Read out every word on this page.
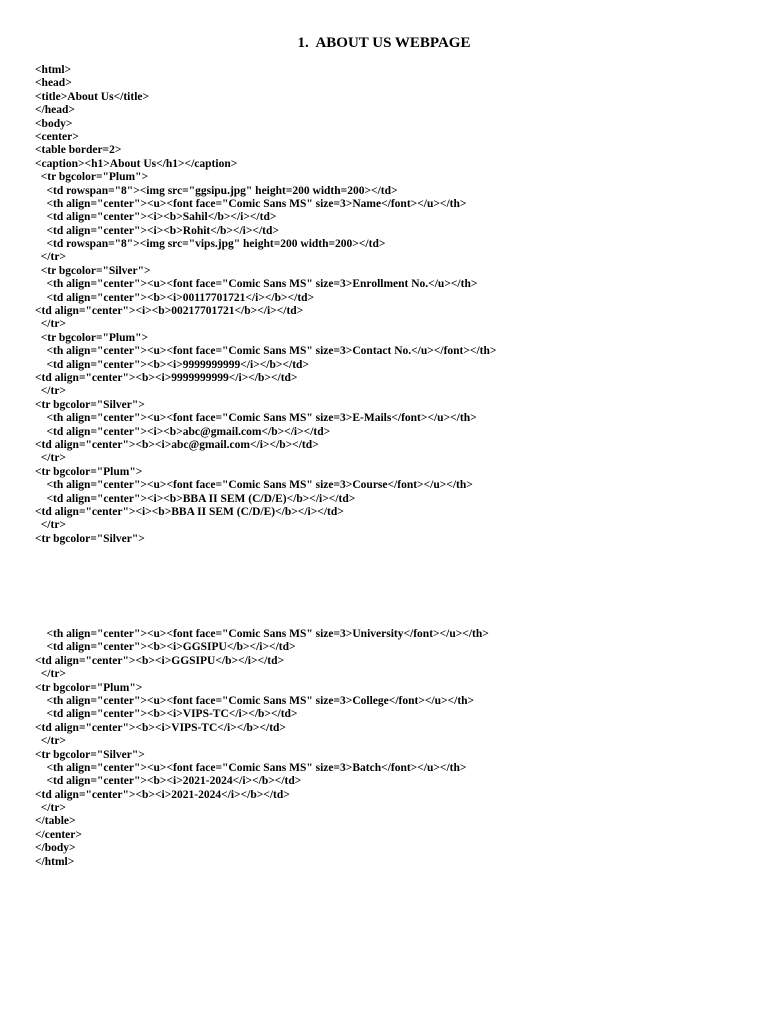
1.  ABOUT US WEBPAGE
<html>
<head>
<title>About Us</title>
</head>
<body>
<center>
<table border=2>
<caption><h1>About Us</h1></caption>
<tr bgcolor="Plum">
<td rowspan="8"><img src="ggsipu.jpg" height=200 width=200></td>
<th align="center"><u><font face="Comic Sans MS" size=3>Name</font></u></th>
<td align="center"><i><b>Sahil</b></i></td>
<td align="center"><i><b>Rohit</b></i></td>
<td rowspan="8"><img src="vips.jpg" height=200 width=200></td>
</tr>
<tr bgcolor="Silver">
<th align="center"><u><font face="Comic Sans MS" size=3>Enrollment No.</u></th>
<td align="center"><b><i>00117701721</i></b></td>
<td align="center"><i><b>00217701721</b></i></td>
</tr>
<tr bgcolor="Plum">
<th align="center"><u><font face="Comic Sans MS" size=3>Contact No.</u></font></th>
<td align="center"><b><i>9999999999</i></b></td>
<td align="center"><b><i>9999999999</i></b></td>
</tr>
<tr bgcolor="Silver">
<th align="center"><u><font face="Comic Sans MS" size=3>E-Mails</font></u></th>
<td align="center"><i><b>abc@gmail.com</b></i></td>
<td align="center"><b><i>abc@gmail.com</i></b></td>
</tr>
<tr bgcolor="Plum">
<th align="center"><u><font face="Comic Sans MS" size=3>Course</font></u></th>
<td align="center"><i><b>BBA II SEM (C/D/E)</b></i></td>
<td align="center"><i><b>BBA II SEM (C/D/E)</b></i></td>
</tr>
<tr bgcolor="Silver">
<th align="center"><u><font face="Comic Sans MS" size=3>University</font></u></th>
<td align="center"><b><i>GGSIPU</b></i></td>
<td align="center"><b><i>GGSIPU</b></i></td>
</tr>
<tr bgcolor="Plum">
<th align="center"><u><font face="Comic Sans MS" size=3>College</font></u></th>
<td align="center"><b><i>VIPS-TC</i></b></td>
<td align="center"><b><i>VIPS-TC</i></b></td>
</tr>
<tr bgcolor="Silver">
<th align="center"><u><font face="Comic Sans MS" size=3>Batch</font></u></th>
<td align="center"><b><i>2021-2024</i></b></td>
<td align="center"><b><i>2021-2024</i></b></td>
</tr>
</table>
</center>
</body>
</html>
